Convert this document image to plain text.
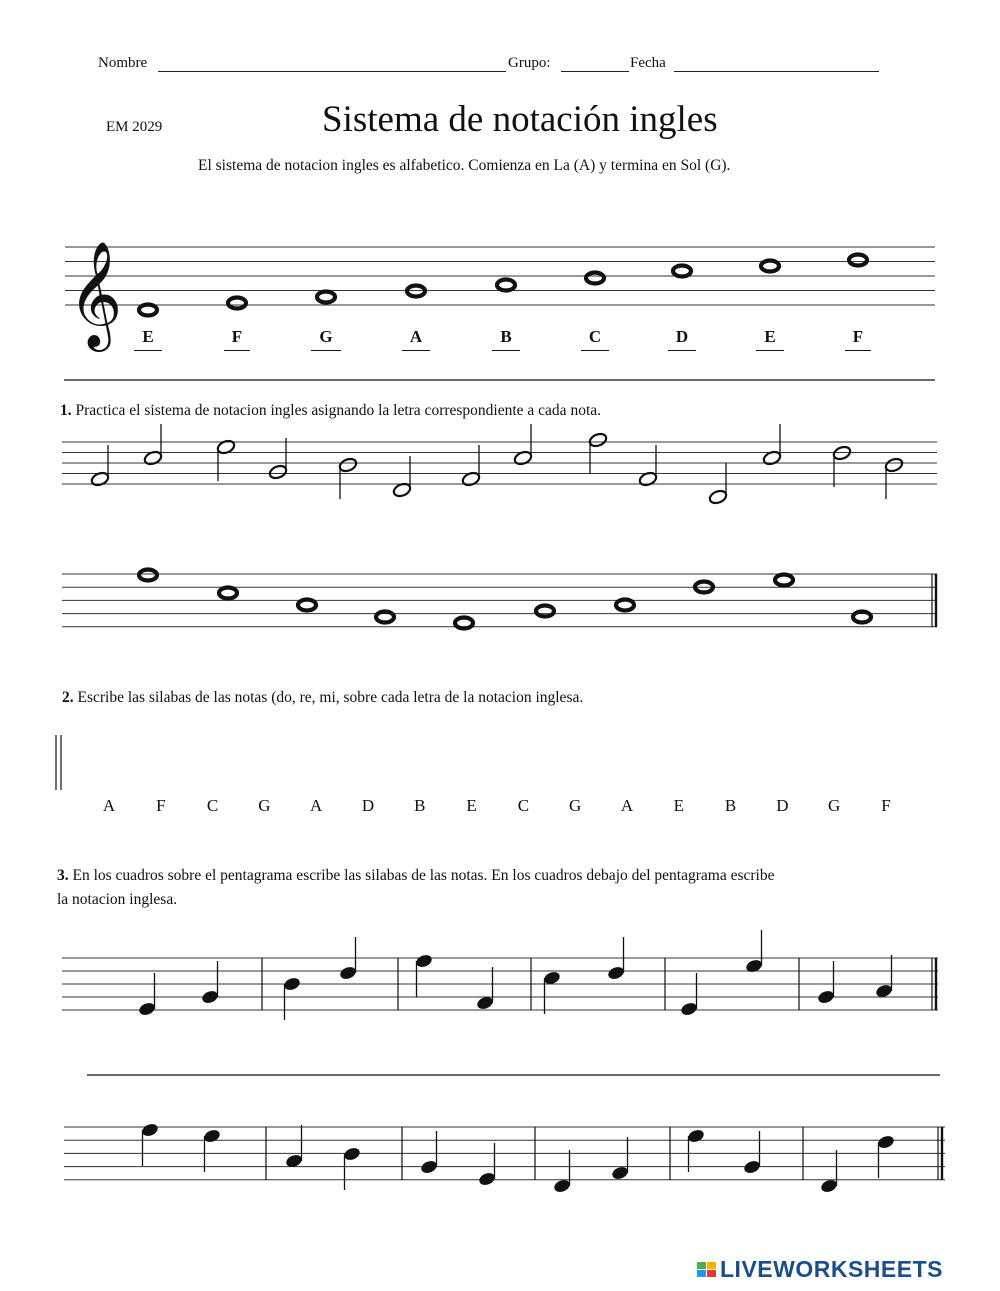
Nombre	Grupo:	Fecha
EM 2029	Sistema de notación ingles
El sistema de notacion ingles es alfabetico. Comienza en La (A) y termina en Sol (G).
E	F	G	A	B	C	D	E	F
1. Practica el sistema de notacion ingles asignando la letra correspondiente a cada nota.
2. Escribe las silabas de las notas (do, re, mi, sobre cada letra de la notacion inglesa.
A	F	C	G	A	D	B	E	C	G	A	E	B	D	G	F
3. En los cuadros sobre el pentagrama escribe las silabas de las notas. En los cuadros debajo del pentagrama escribe
la notacion inglesa.
𝄞
LIVEWORKSHEETS
